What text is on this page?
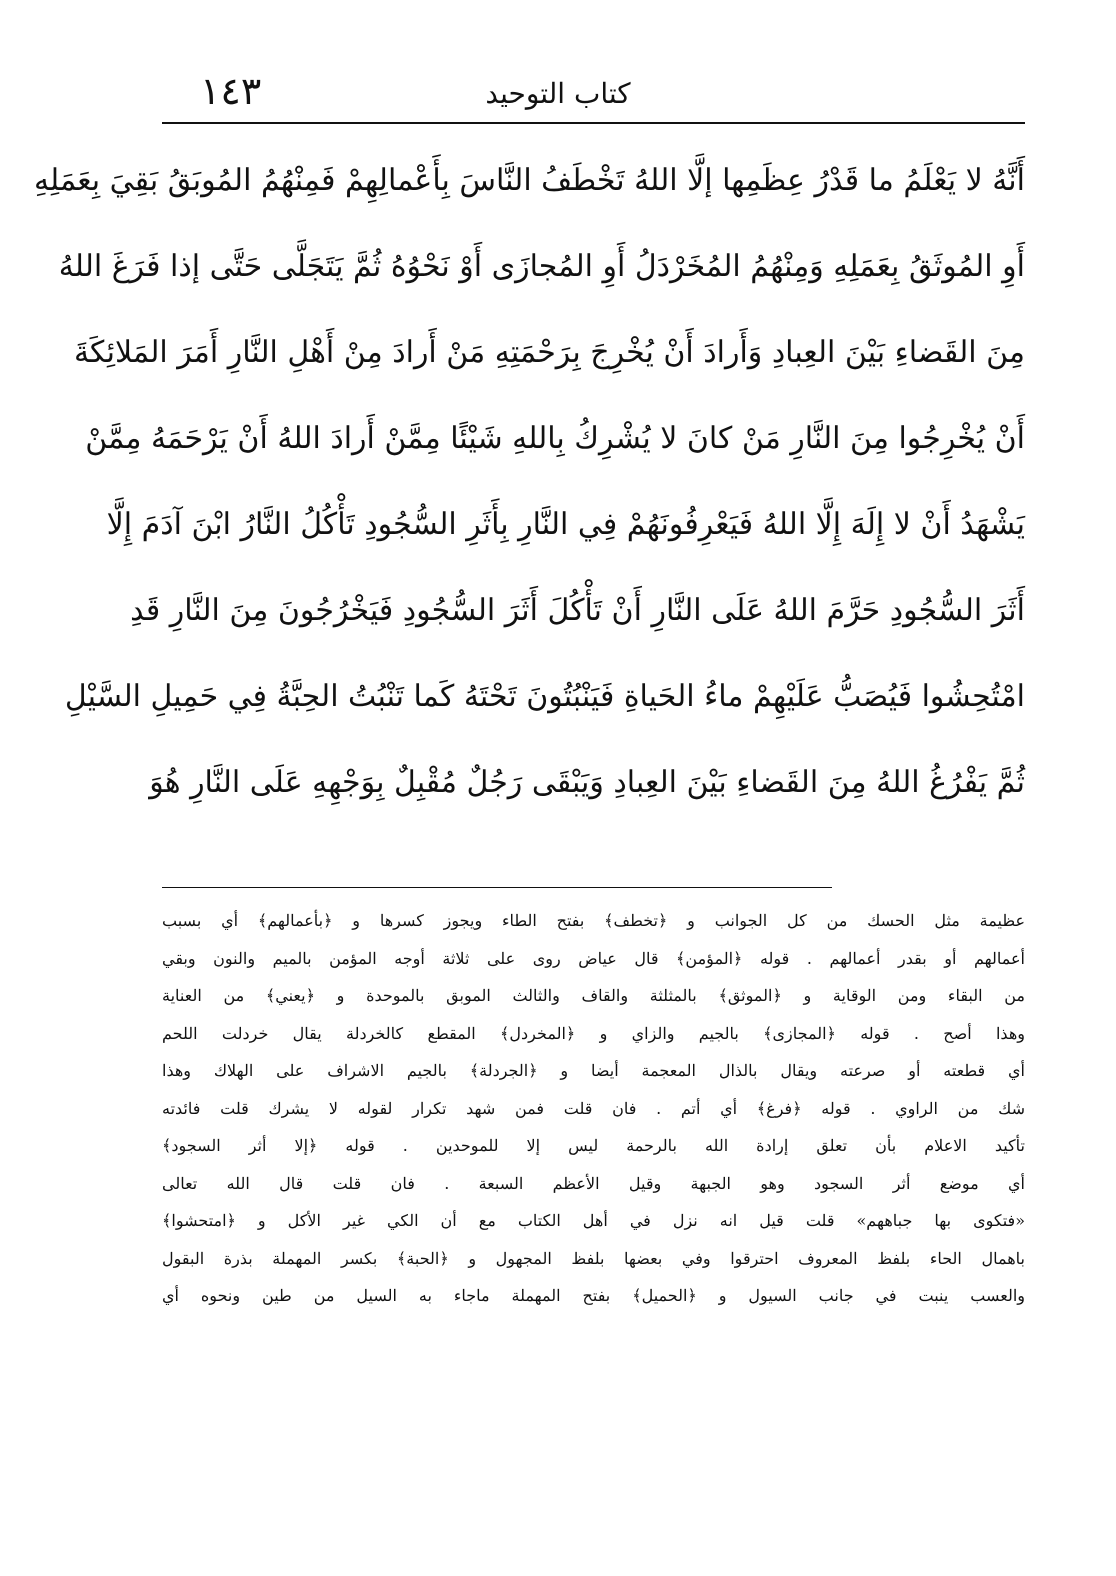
١٤٣	كتاب التوحيد
أَنَّهُ لا يَعْلَمُ ما قَدْرُ عِظَمِها إلَّا اللهُ تَخْطَفُ النَّاسَ بِأَعْمالِهِمْ فَمِنْهُمُ المُوبَقُ بَقِيَ بِعَمَلِهِ
أَوِ المُوثَقُ بِعَمَلِهِ وَمِنْهُمُ المُخَرْدَلُ أَوِ المُجازَى أَوْ نَحْوُهُ ثُمَّ يَتَجَلَّى حَتَّى إذا فَرَغَ اللهُ
مِنَ القَضاءِ بَيْنَ العِبادِ وَأَرادَ أَنْ يُخْرِجَ بِرَحْمَتِهِ مَنْ أَرادَ مِنْ أَهْلِ النَّارِ أَمَرَ المَلائِكَةَ
أَنْ يُخْرِجُوا مِنَ النَّارِ مَنْ كانَ لا يُشْرِكُ بِاللهِ شَيْئًا مِمَّنْ أَرادَ اللهُ أَنْ يَرْحَمَهُ مِمَّنْ
يَشْهَدُ أَنْ لا إِلَهَ إِلَّا اللهُ فَيَعْرِفُونَهُمْ فِي النَّارِ بِأَثَرِ السُّجُودِ تَأْكُلُ النَّارُ ابْنَ آدَمَ إِلَّا
أَثَرَ السُّجُودِ حَرَّمَ اللهُ عَلَى النَّارِ أَنْ تَأْكُلَ أَثَرَ السُّجُودِ فَيَخْرُجُونَ مِنَ النَّارِ قَدِ
امْتُحِشُوا فَيُصَبُّ عَلَيْهِمْ ماءُ الحَياةِ فَيَنْبُتُونَ تَحْتَهُ كَما تَنْبُتُ الحِبَّةُ فِي حَمِيلِ السَّيْلِ
ثُمَّ يَفْرُغُ اللهُ مِنَ القَضاءِ بَيْنَ العِبادِ وَيَبْقَى رَجُلٌ مُقْبِلٌ بِوَجْهِهِ عَلَى النَّارِ هُوَ
عظيمة مثل الحسك من كل الجوانب و ﴿تخطف﴾ بفتح الطاء ويجوز كسرها و ﴿بأعمالهم﴾ أي بسبب
أعمالهم أو بقدر أعمالهم . قوله ﴿المؤمن﴾ قال عياض روى على ثلاثة أوجه المؤمن بالميم والنون وبقي
من البقاء ومن الوقاية و ﴿الموثق﴾ بالمثلثة والقاف والثالث الموبق بالموحدة و ﴿يعني﴾ من العناية
وهذا أصح . قوله ﴿المجازى﴾ بالجيم والزاي و ﴿المخردل﴾ المقطع كالخردلة يقال خردلت اللحم
أي قطعته أو صرعته ويقال بالذال المعجمة أيضا و ﴿الجردلة﴾ بالجيم الاشراف على الهلاك وهذا
شك من الراوي . قوله ﴿فرغ﴾ أي أتم . فان قلت فمن شهد تكرار لقوله لا يشرك قلت فائدته
تأكيد الاعلام بأن تعلق إرادة الله بالرحمة ليس إلا للموحدين . قوله ﴿إلا أثر السجود﴾
أي موضع أثر السجود وهو الجبهة وقيل الأعظم السبعة . فان قلت قال الله تعالى
«فتكوى بها جباههم» قلت قيل انه نزل في أهل الكتاب مع أن الكي غير الأكل و ﴿امتحشوا﴾
باهمال الحاء بلفظ المعروف احترقوا وفي بعضها بلفظ المجهول و ﴿الحبة﴾ بكسر المهملة بذرة البقول
والعسب ينبت في جانب السيول و ﴿الحميل﴾ بفتح المهملة ماجاء به السيل من طين ونحوه أي
